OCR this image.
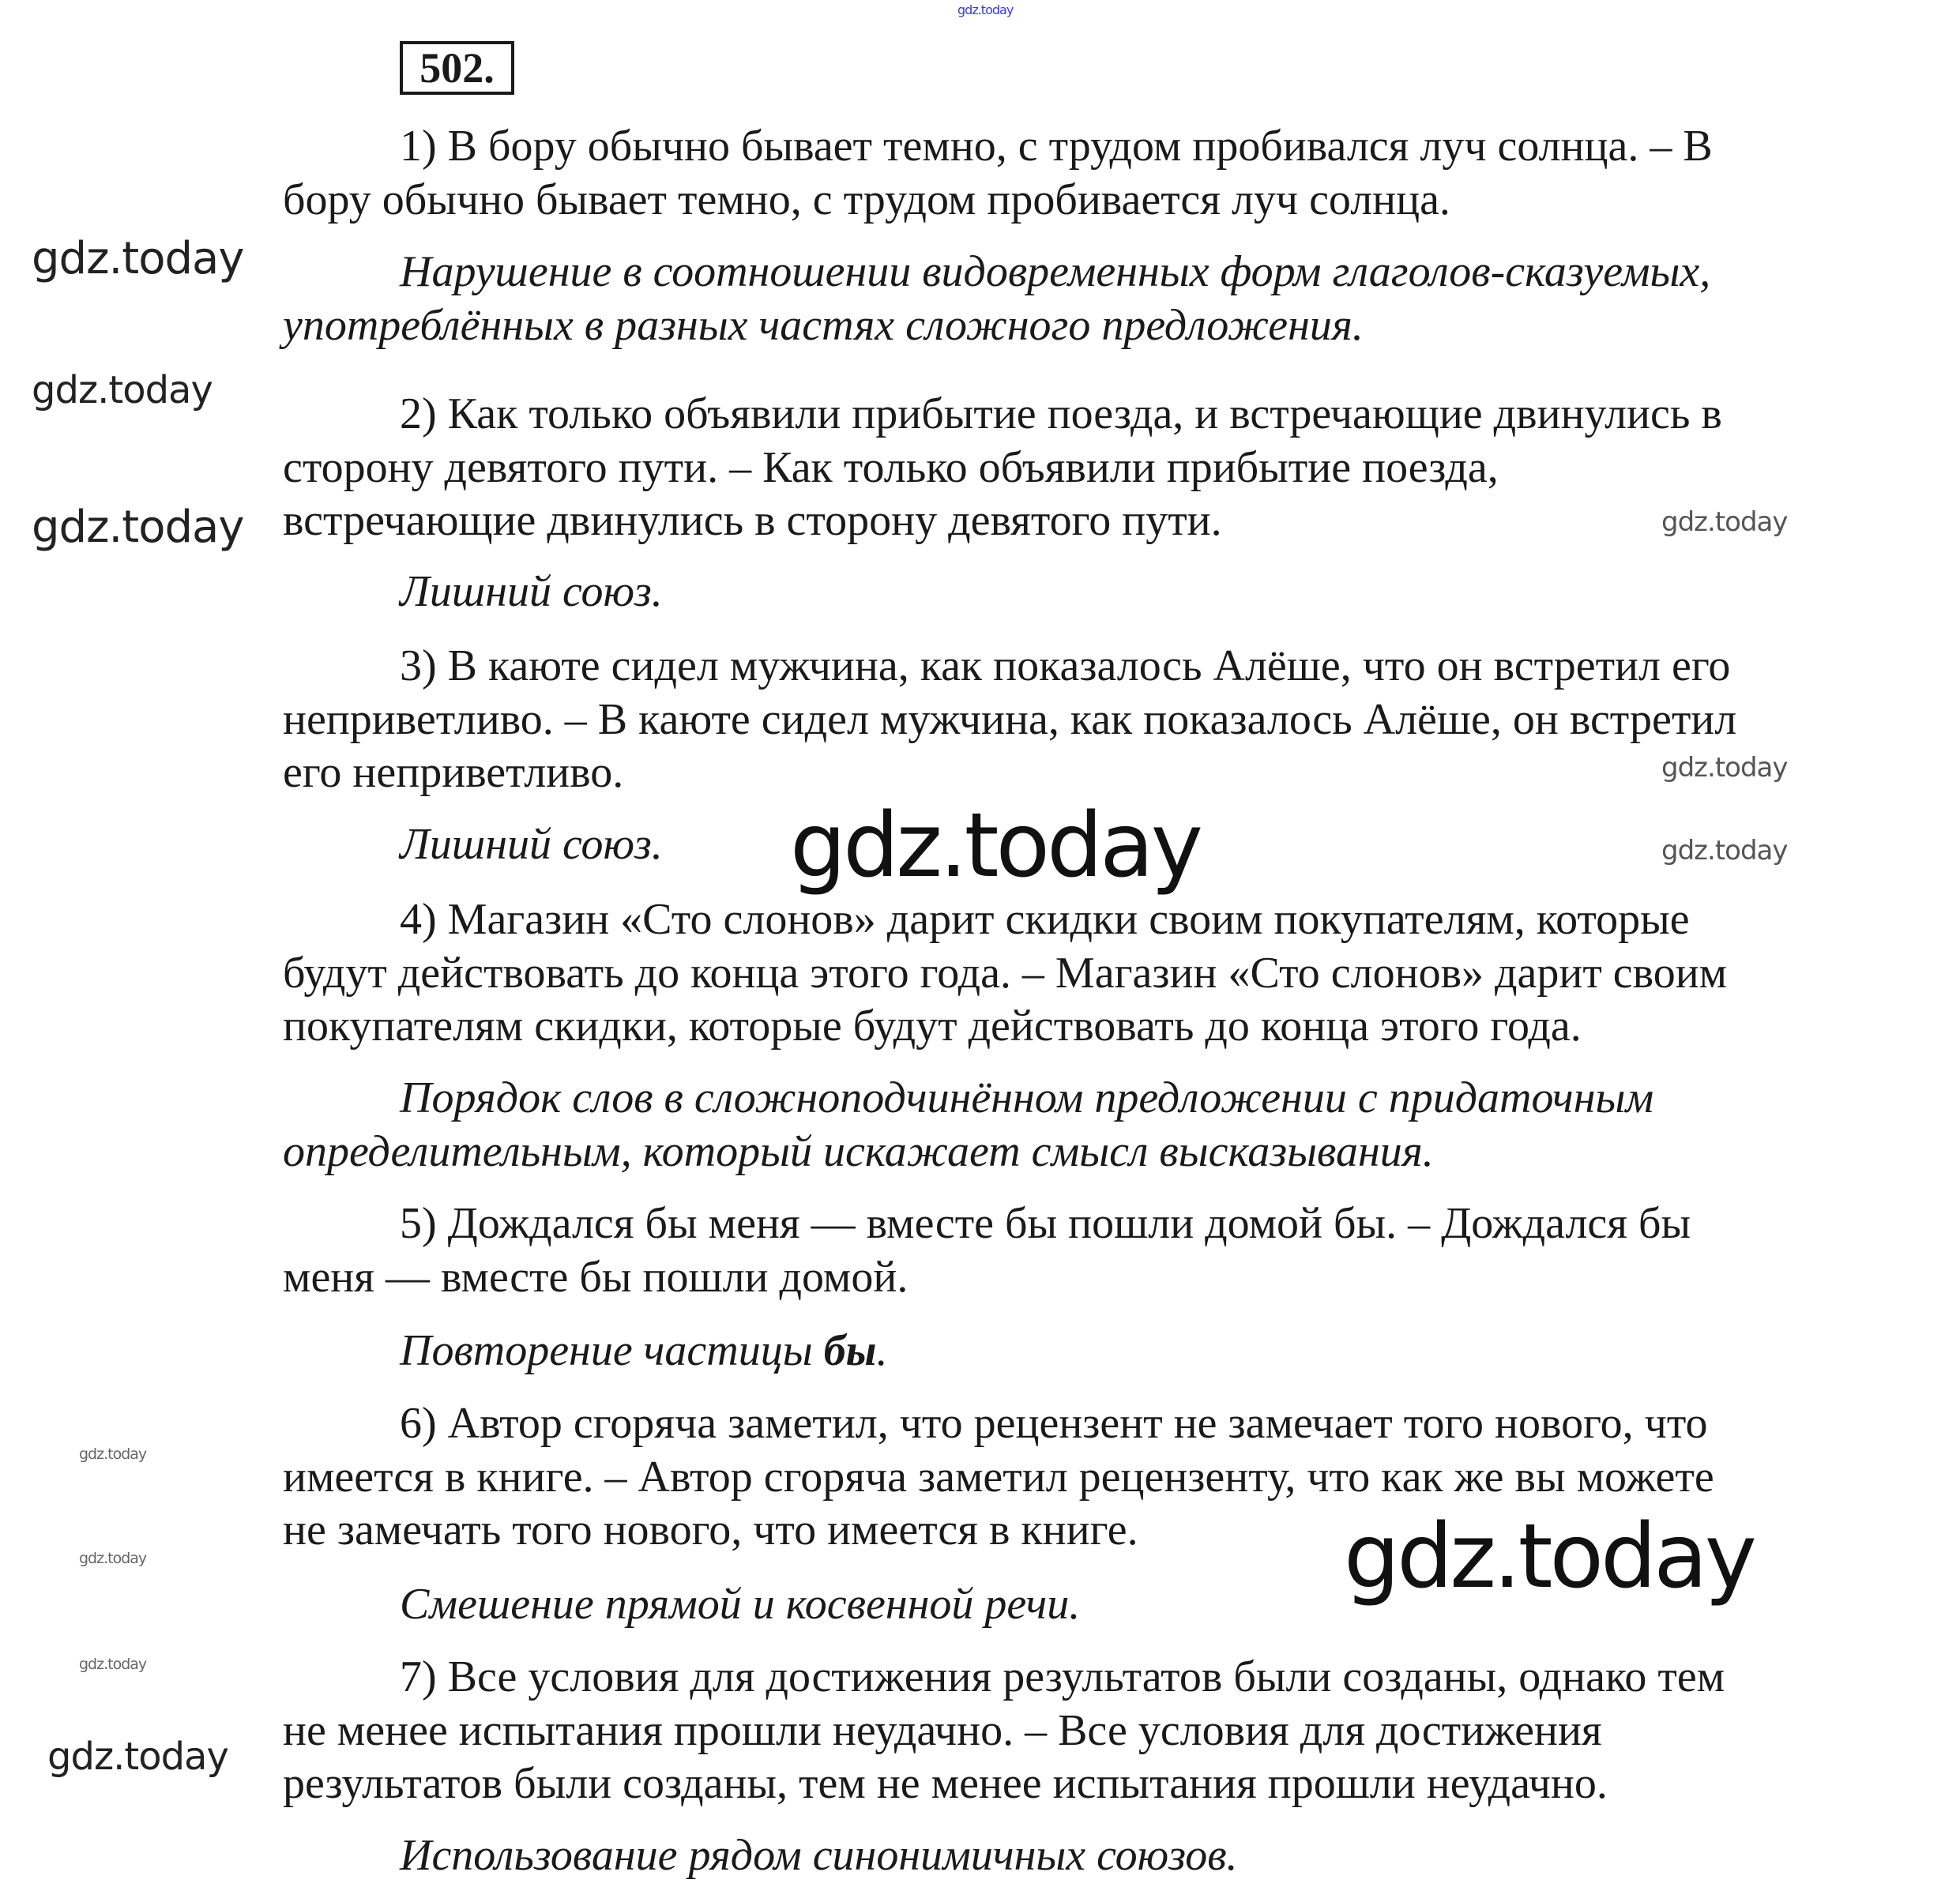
gdz.today
502.
1) В бору обычно бывает темно, с трудом пробивался луч солнца. – В
бору обычно бывает темно, с трудом пробивается луч солнца.
Нарушение в соотношении видовременных форм глаголов-сказуемых,
употреблённых в разных частях сложного предложения.
2) Как только объявили прибытие поезда, и встречающие двинулись в
сторону девятого пути. – Как только объявили прибытие поезда,
встречающие двинулись в сторону девятого пути.
Лишний союз.
3) В каюте сидел мужчина, как показалось Алёше, что он встретил его
неприветливо. – В каюте сидел мужчина, как показалось Алёше, он встретил
его неприветливо.
Лишний союз.
4) Магазин «Сто слонов» дарит скидки своим покупателям, которые
будут действовать до конца этого года. – Магазин «Сто слонов» дарит своим
покупателям скидки, которые будут действовать до конца этого года.
Порядок слов в сложноподчинённом предложении с придаточным
определительным, который искажает смысл высказывания.
5) Дождался бы меня — вместе бы пошли домой бы. – Дождался бы
меня — вместе бы пошли домой.
Повторение частицы бы.
6) Автор сгоряча заметил, что рецензент не замечает того нового, что
имеется в книге. – Автор сгоряча заметил рецензенту, что как же вы можете
не замечать того нового, что имеется в книге.
Смешение прямой и косвенной речи.
7) Все условия для достижения результатов были созданы, однако тем
не менее испытания прошли неудачно. – Все условия для достижения
результатов были созданы, тем не менее испытания прошли неудачно.
Использование рядом синонимичных союзов.
gdz.today
gdz.today
gdz.today	gdz.today
gdz.today
gdz.today
gdz.today
gdz.today
gdz.today
gdz.today
gdz.today
gdz.today
